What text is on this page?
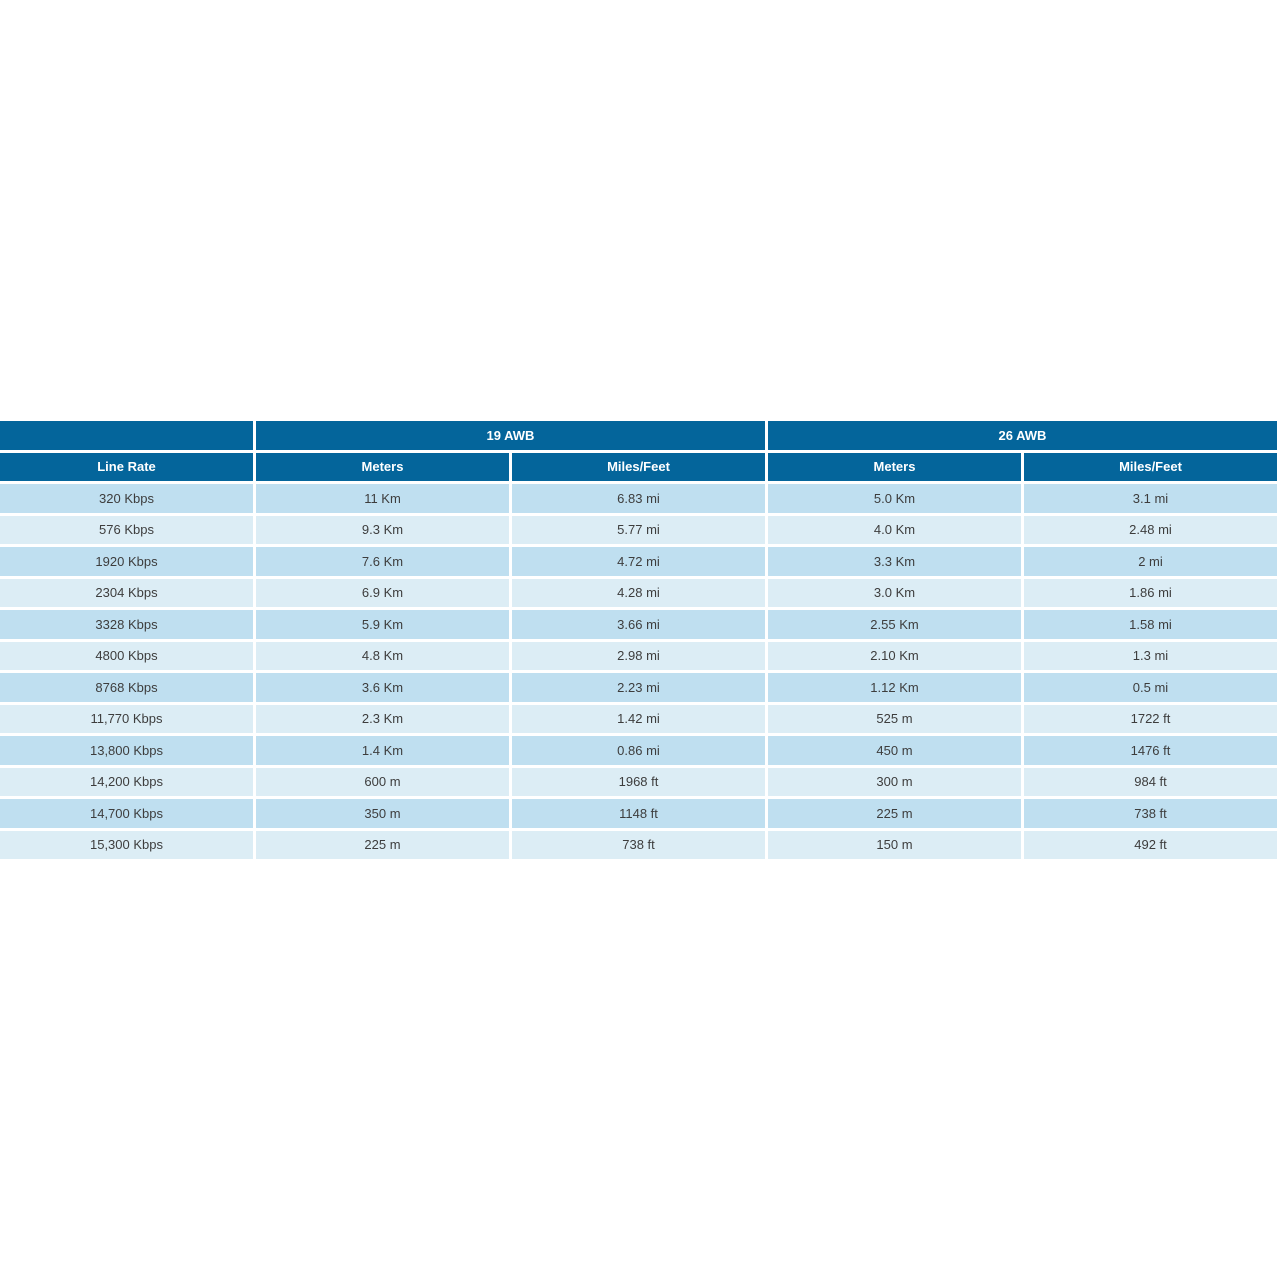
	19 AWB		26 AWB	
Line Rate	Meters	Miles/Feet	Meters	Miles/Feet
320 Kbps	11 Km	6.83 mi	5.0 Km	3.1 mi
576 Kbps	9.3 Km	5.77 mi	4.0 Km	2.48 mi
1920 Kbps	7.6 Km	4.72 mi	3.3 Km	2 mi
2304 Kbps	6.9 Km	4.28 mi	3.0 Km	1.86 mi
3328 Kbps	5.9 Km	3.66 mi	2.55 Km	1.58 mi
4800 Kbps	4.8 Km	2.98 mi	2.10 Km	1.3 mi
8768 Kbps	3.6 Km	2.23 mi	1.12 Km	0.5 mi
11,770 Kbps	2.3 Km	1.42 mi	525 m	1722 ft
13,800 Kbps	1.4 Km	0.86 mi	450 m	1476 ft
14,200 Kbps	600 m	1968 ft	300 m	984 ft
14,700 Kbps	350 m	1148 ft	225 m	738 ft
15,300 Kbps	225 m	738 ft	150 m	492 ft
